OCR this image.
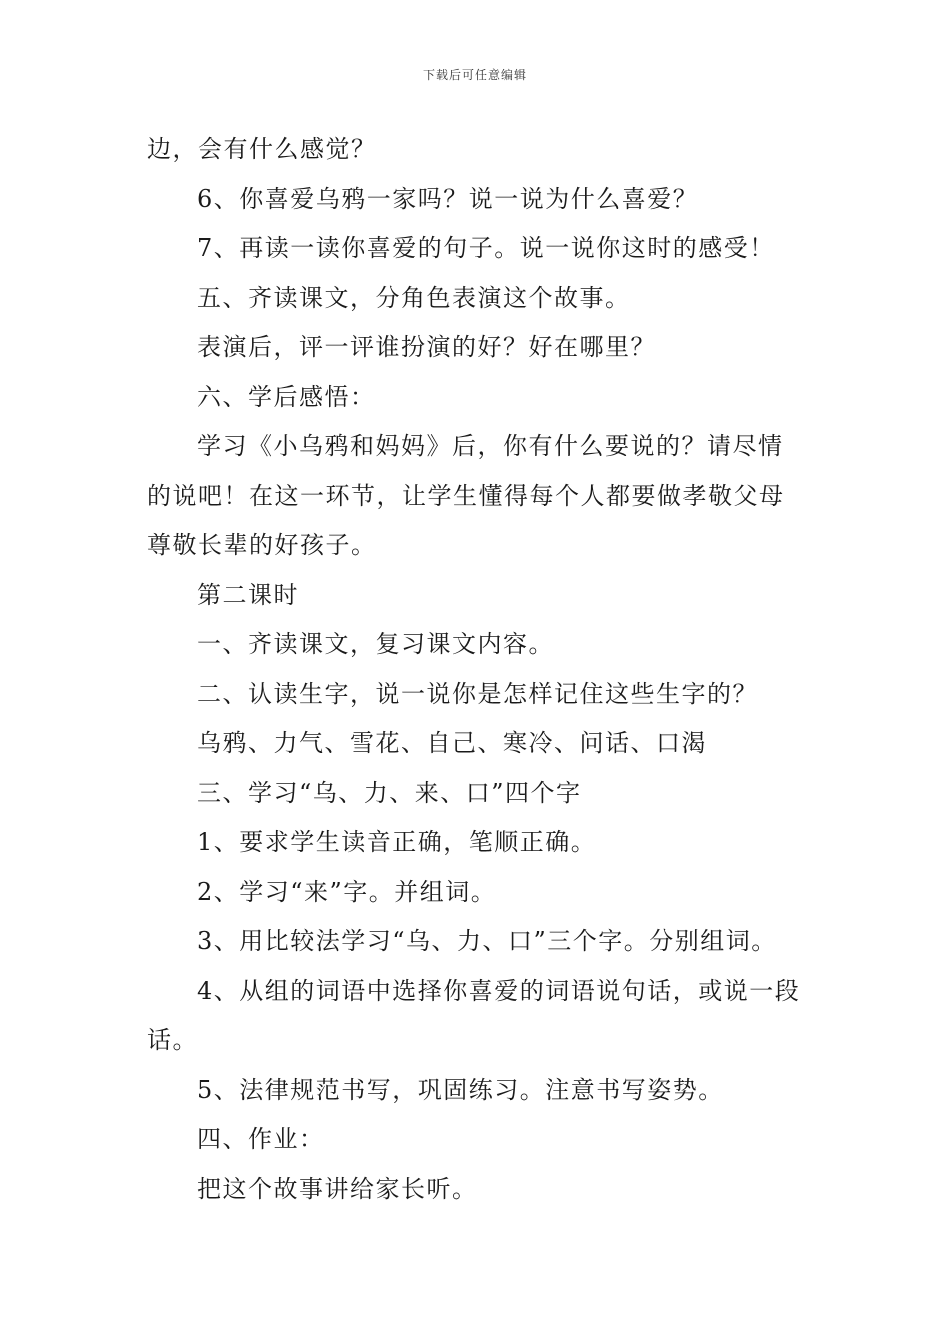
下载后可任意编辑

边，会有什么感觉？

6、你喜爱乌鸦一家吗？说一说为什么喜爱？

7、再读一读你喜爱的句子。说一说你这时的感受！

五、齐读课文，分角色表演这个故事。

表演后，评一评谁扮演的好？好在哪里？

六、学后感悟：

学习《小乌鸦和妈妈》后，你有什么要说的？请尽情的说吧！在这一环节，让学生懂得每个人都要做孝敬父母尊敬长辈的好孩子。

第二课时

一、齐读课文，复习课文内容。

二、认读生字，说一说你是怎样记住这些生字的？

乌鸦、力气、雪花、自己、寒冷、问话、口渴

三、学习“乌、力、来、口”四个字

1、要求学生读音正确，笔顺正确。

2、学习“来”字。并组词。

3、用比较法学习“乌、力、口”三个字。分别组词。

4、从组的词语中选择你喜爱的词语说句话，或说一段话。

5、法律规范书写，巩固练习。注意书写姿势。

四、作业：

把这个故事讲给家长听。
